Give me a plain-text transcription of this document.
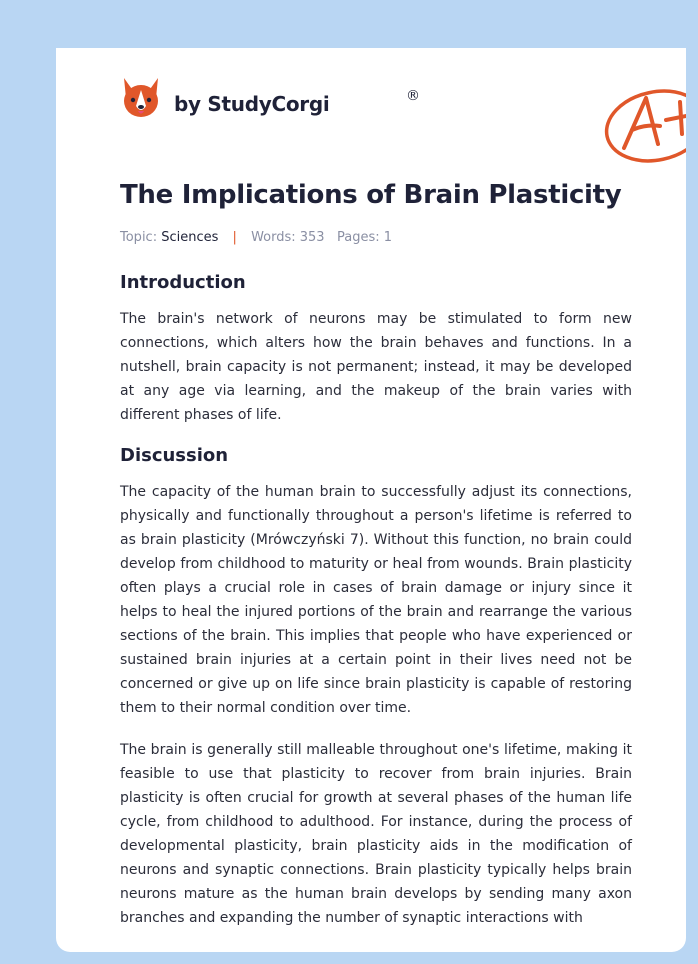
by StudyCorgi	®
The Implications of Brain Plasticity
Topic: Sciences | Words: 353 Pages: 1
Introduction

The brain's network of neurons may be stimulated to form new connections, which alters how the brain behaves and functions. In a nutshell, brain capacity is not permanent; instead, it may be developed at any age via learning, and the makeup of the brain varies with different phases of life.

Discussion

The capacity of the human brain to successfully adjust its connections, physically and functionally throughout a person's lifetime is referred to as brain plasticity (Mrówczyński 7). Without this function, no brain could develop from childhood to maturity or heal from wounds. Brain plasticity often plays a crucial role in cases of brain damage or injury since it helps to heal the injured portions of the brain and rearrange the various sections of the brain. This implies that people who have experienced or sustained brain injuries at a certain point in their lives need not be concerned or give up on life since brain plasticity is capable of restoring them to their normal condition over time.

The brain is generally still malleable throughout one's lifetime, making it feasible to use that plasticity to recover from brain injuries. Brain plasticity is often crucial for growth at several phases of the human life cycle, from childhood to adulthood. For instance, during the process of developmental plasticity, brain plasticity aids in the modification of neurons and synaptic connections. Brain plasticity typically helps brain neurons mature as the human brain develops by sending many axon branches and expanding the number of synaptic interactions with
